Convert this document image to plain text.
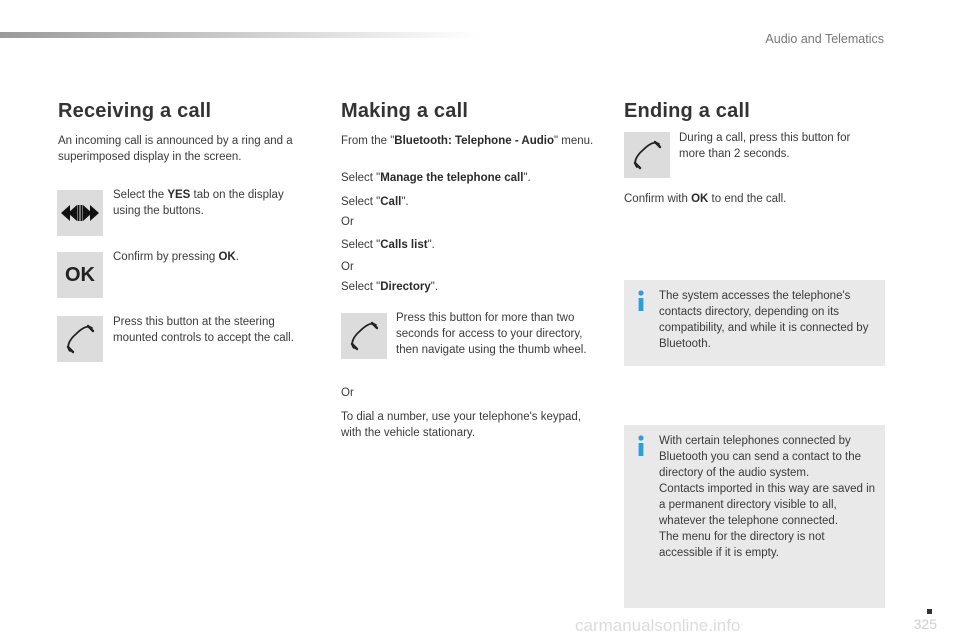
Audio and Telematics
Receiving a call

An incoming call is announced by a ring and a superimposed display in the screen.

Select the YES tab on the display using the buttons.

OK

Confirm by pressing OK.

Press this button at the steering mounted controls to accept the call.

Making a call

From the "Bluetooth: Telephone - Audio" menu.

Select "Manage the telephone call".

Select "Call".

Or

Select "Calls list".

Or

Select "Directory".

Press this button for more than two seconds for access to your directory, then navigate using the thumb wheel.

Or

To dial a number, use your telephone's keypad, with the vehicle stationary.

Ending a call

During a call, press this button for more than 2 seconds.

Confirm with OK to end the call.

The system accesses the telephone's contacts directory, depending on its compatibility, and while it is connected by Bluetooth.

With certain telephones connected by Bluetooth you can send a contact to the directory of the audio system.
Contacts imported in this way are saved in a permanent directory visible to all, whatever the telephone connected.
The menu for the directory is not accessible if it is empty.

325
carmanualsonline.info
